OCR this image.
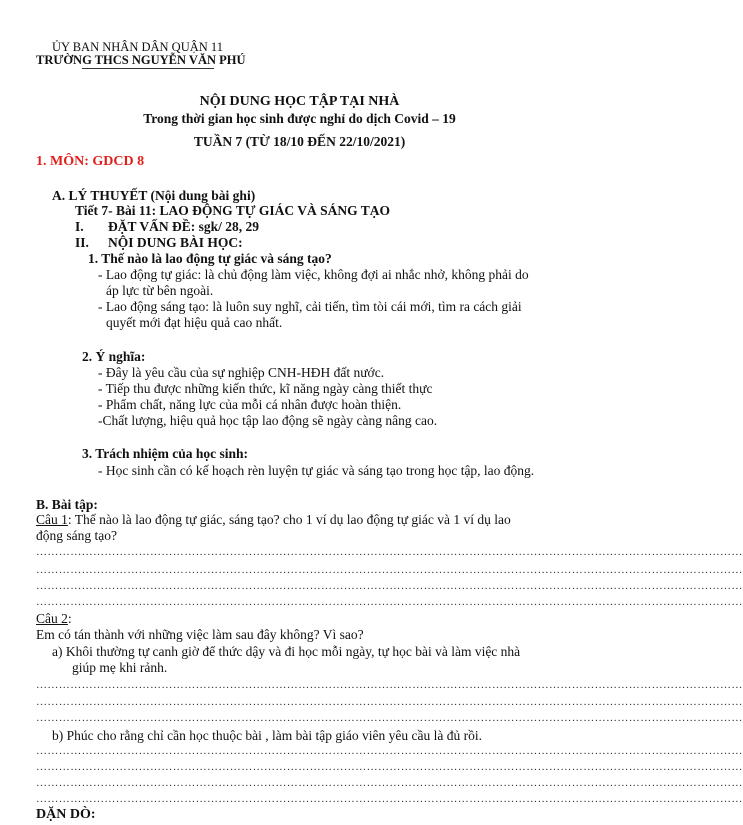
ỦY BAN NHÂN DÂN QUẬN 11
TRƯỜNG THCS NGUYỄN VĂN PHÚ
NỘI DUNG HỌC TẬP TẠI NHÀ
Trong thời gian học sinh được nghỉ do dịch Covid – 19
TUẦN 7 (TỪ 18/10 ĐẾN 22/10/2021)
1. MÔN: GDCD 8
A. LÝ THUYẾT (Nội dung bài ghi)
Tiết 7- Bài 11: LAO ĐỘNG TỰ GIÁC VÀ SÁNG TẠO
I. ĐẶT VẤN ĐỀ: sgk/ 28, 29
II. NỘI DUNG BÀI HỌC:
1. Thế nào là lao động tự giác và sáng tạo?
- Lao động tự giác: là chủ động làm việc, không đợi ai nhắc nhở, không phải do
áp lực từ bên ngoài.
- Lao động sáng tạo: là luôn suy nghĩ, cải tiến, tìm tòi cái mới, tìm ra cách giải
quyết mới đạt hiệu quả cao nhất.
2. Ý nghĩa:
- Đây là yêu cầu của sự nghiệp CNH-HĐH đất nước.
- Tiếp thu được những kiến thức, kĩ năng ngày càng thiết thực
- Phẩm chất, năng lực của mỗi cá nhân được hoàn thiện.
-Chất lượng, hiệu quả học tập lao động sẽ ngày càng nâng cao.
3. Trách nhiệm của học sinh:
- Học sinh cần có kế hoạch rèn luyện tự giác và sáng tạo trong học tập, lao động.
B. Bài tập:
Câu 1: Thế nào là lao động tự giác, sáng tạo? cho 1 ví dụ lao động tự giác và 1 ví dụ lao
động sáng tạo?
……………………………………………………………………………………………………………………………………………………………………
……………………………………………………………………………………………………………………………………………………………………
……………………………………………………………………………………………………………………………………………………………………
……………………………………………………………………………………………………………………………………………………………………
Câu 2:
Em có tán thành với những việc làm sau đây không? Vì sao?
a) Khôi thường tự canh giờ để thức dậy và đi học mỗi ngày, tự học bài và làm việc nhà
giúp mẹ khi rảnh.
……………………………………………………………………………………………………………………………………………………………………
……………………………………………………………………………………………………………………………………………………………………
……………………………………………………………………………………………………………………………………………………………………
b) Phúc cho rằng chỉ cần học thuộc bài , làm bài tập giáo viên yêu cầu là đủ rồi.
……………………………………………………………………………………………………………………………………………………………………
……………………………………………………………………………………………………………………………………………………………………
……………………………………………………………………………………………………………………………………………………………………
……………………………………………………………………………………………………………………………………………………………………
DẶN DÒ:
